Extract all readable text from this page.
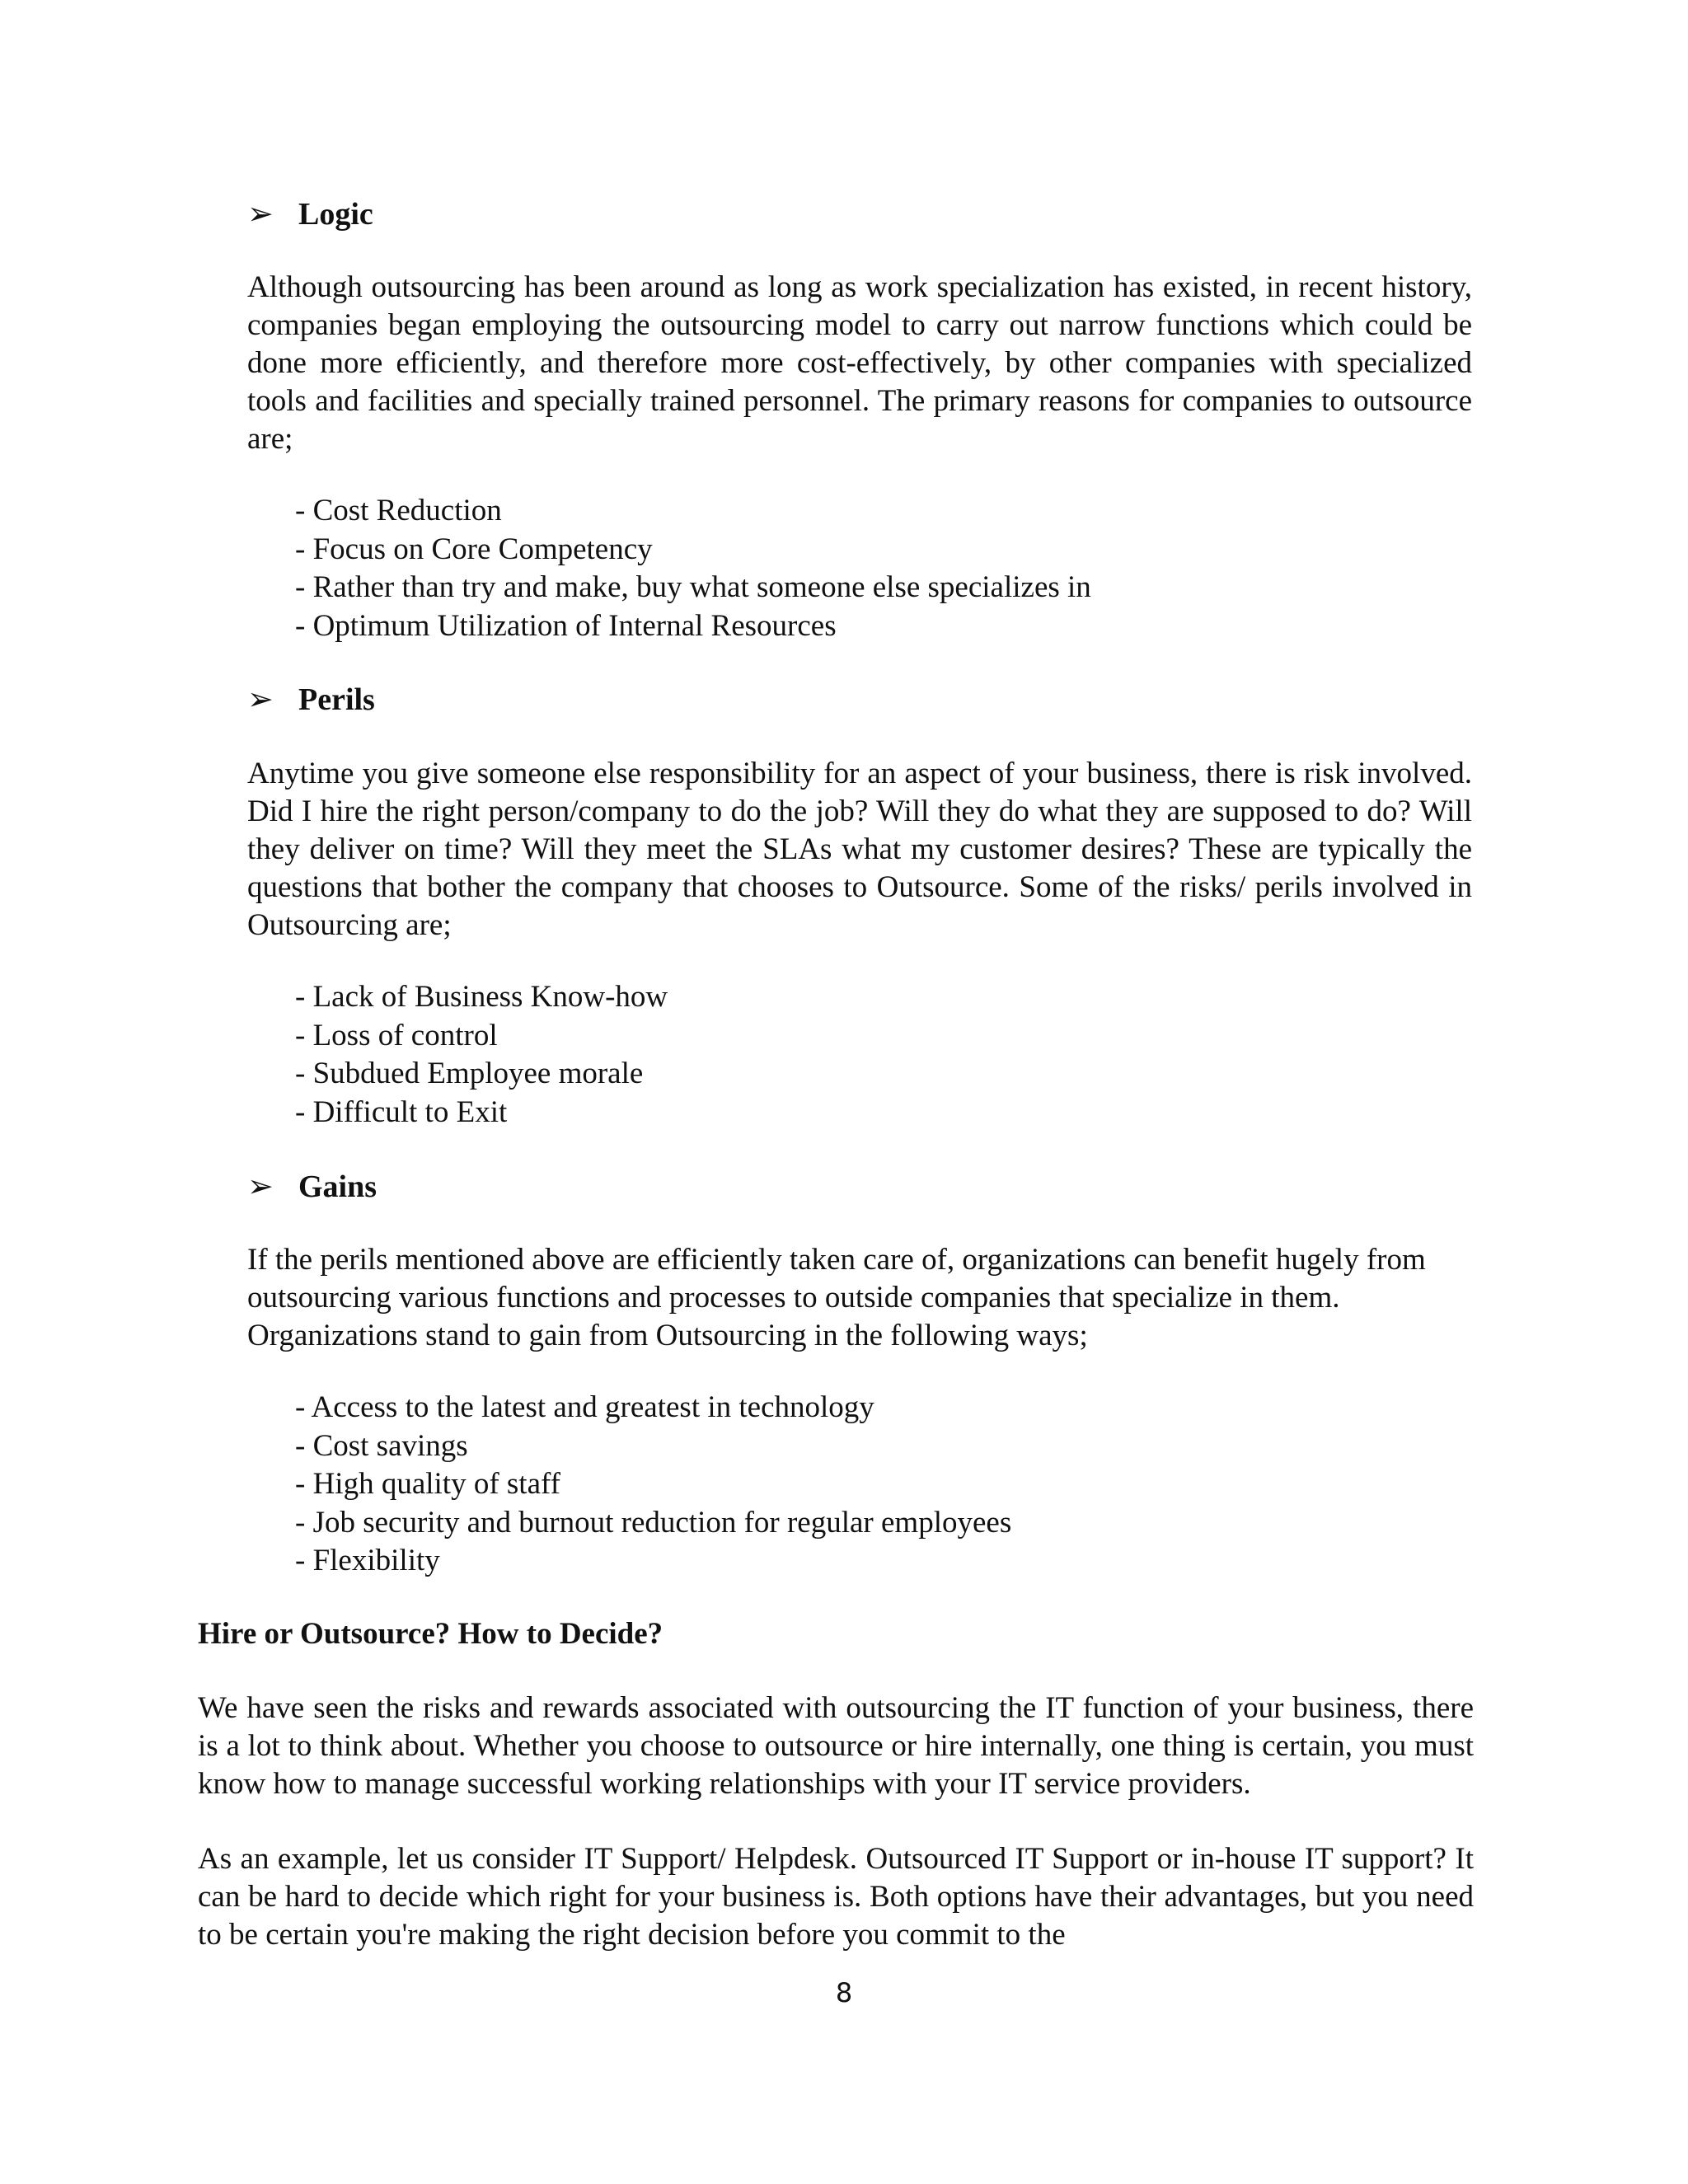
➢ Logic

Although outsourcing has been around as long as work specialization has existed, in recent history, companies began employing the outsourcing model to carry out narrow functions which could be done more efficiently, and therefore more cost-effectively, by other companies with specialized tools and facilities and specially trained personnel. The primary reasons for companies to outsource are;

- Cost Reduction
- Focus on Core Competency
- Rather than try and make, buy what someone else specializes in
- Optimum Utilization of Internal Resources
➢ Perils

Anytime you give someone else responsibility for an aspect of your business, there is risk involved. Did I hire the right person/company to do the job? Will they do what they are supposed to do? Will they deliver on time? Will they meet the SLAs what my customer desires? These are typically the questions that bother the company that chooses to Outsource. Some of the risks/ perils involved in Outsourcing are;

- Lack of Business Know-how
- Loss of control
- Subdued Employee morale
- Difficult to Exit
➢ Gains

If the perils mentioned above are efficiently taken care of, organizations can benefit hugely from outsourcing various functions and processes to outside companies that specialize in them. Organizations stand to gain from Outsourcing in the following ways;

- Access to the latest and greatest in technology
- Cost savings
- High quality of staff
- Job security and burnout reduction for regular employees
- Flexibility
Hire or Outsource? How to Decide?

We have seen the risks and rewards associated with outsourcing the IT function of your business, there is a lot to think about. Whether you choose to outsource or hire internally, one thing is certain, you must know how to manage successful working relationships with your IT service providers.

As an example, let us consider IT Support/ Helpdesk. Outsourced IT Support or in-house IT support? It can be hard to decide which right for your business is. Both options have their advantages, but you need to be certain you're making the right decision before you commit to the

8
